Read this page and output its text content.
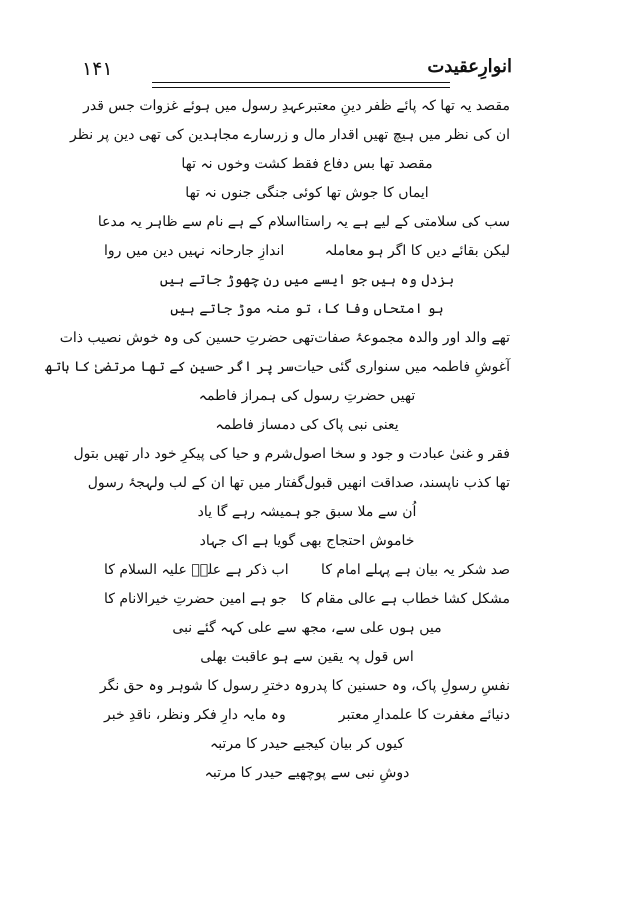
۱۴۱	انوارِعقیدت
مقصد یہ تھا کہ پائے ظفر دینِ معتبر
عہدِ رسول میں ہوئے غزوات جس قدر
ان کی نظر میں ہیچ تھیں اقدار مال و زر
سارے مجاہدین کی تھی دین پر نظر
مقصد تھا بس دفاع فقط کشت وخوں نہ تھا
ایماں کا جوش تھا کوئی جنگی جنوں نہ تھا
سب کی سلامتی کے لیے ہے یہ راستا
اسلام کے ہے نام سے ظاہر یہ مدعا
لیکن بقائے دیں کا اگر ہو معاملہ
اندازِ جارحانہ نہیں دین میں روا
بزدل وہ ہیں جو ایسے میں رن چھوڑ جاتے ہیں
ہو امتحاں وفا کا، تو منہ موڑ جاتے ہیں
تھے والد اور والدہ مجموعۂ صفات
تھی حضرتِ حسین کی وہ خوش نصیب ذات
آغوشِ فاطمہ میں سنواری گئی حیات
سر پر اگر حسین کے تھا مرتضیٰ کا ہاتھ
تھیں حضرتِ رسول کی ہمراز فاطمہ
یعنی نبی پاک کی دمساز فاطمہ
فقر و غنیٰ عبادت و جود و سخا اصول
شرم و حیا کی پیکرِ خود دار تھیں بتول
تھا کذب ناپسند، صداقت انھیں قبول
گفتار میں تھا ان کے لب ولہجۂ رسول
اُن سے ملا سبق جو ہمیشہ رہے گا یاد
خاموش احتجاج بھی گویا ہے اک جہاد
صد شکر یہ بیان ہے پہلے امام کا
اب ذکر ہے علیؑ علیہ السلام کا
مشکل کشا خطاب ہے عالی مقام کا
جو ہے امین حضرتِ خیرالانام کا
میں ہوں علی سے، مجھ سے علی کہہ گئے نبی
اس قول پہ یقین سے ہو عاقبت بھلی
نفسِ رسولِ پاک، وہ حسنین کا پدر
وہ دخترِ رسول کا شوہر وہ حق نگر
دنیائے مغفرت کا علمدارِ معتبر
وہ مایہ دارِ فکر ونظر، ناقدِ خبر
کیوں کر بیان کیجیے حیدر کا مرتبہ
دوشِ نبی سے پوچھیے حیدر کا مرتبہ
